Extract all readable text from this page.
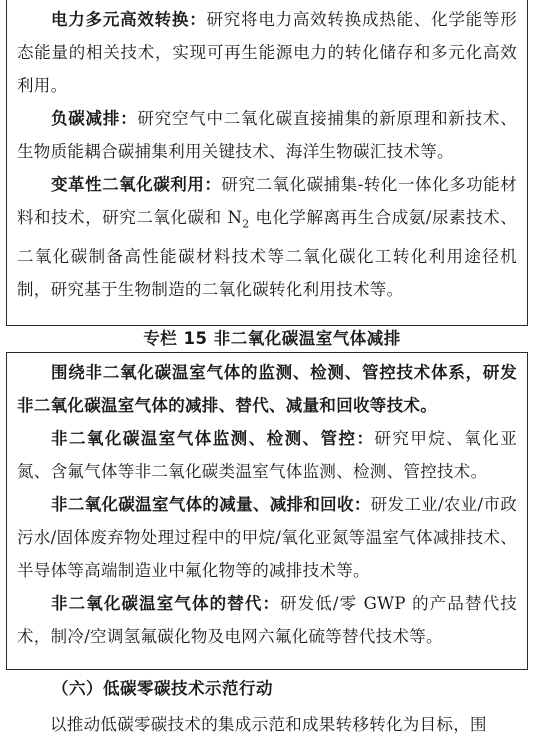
电力多元高效转换：研究将电力高效转换成热能、化学能等形态能量的相关技术，实现可再生能源电力的转化储存和多元化高效利用。

负碳减排：研究空气中二氧化碳直接捕集的新原理和新技术、生物质能耦合碳捕集利用关键技术、海洋生物碳汇技术等。

变革性二氧化碳利用：研究二氧化碳捕集-转化一体化多功能材料和技术，研究二氧化碳和 $N_2$ 电化学解离再生合成氨/尿素技术、二氧化碳制备高性能碳材料技术等二氧化碳化工转化利用途径机制，研究基于生物制造的二氧化碳转化利用技术等。

专栏 15 非二氧化碳温室气体减排

围绕非二氧化碳温室气体的监测、检测、管控技术体系，研发非二氧化碳温室气体的减排、替代、减量和回收等技术。

非二氧化碳温室气体监测、检测、管控：研究甲烷、氧化亚氮、含氟气体等非二氧化碳类温室气体监测、检测、管控技术。

非二氧化碳温室气体的减量、减排和回收：研发工业/农业/市政污水/固体废弃物处理过程中的甲烷/氧化亚氮等温室气体减排技术、半导体等高端制造业中氟化物等的减排技术等。

非二氧化碳温室气体的替代：研发低/零 GWP 的产品替代技术，制冷/空调氢氟碳化物及电网六氟化硫等替代技术等。

（六）低碳零碳技术示范行动

以推动低碳零碳技术的集成示范和成果转移转化为目标，围
